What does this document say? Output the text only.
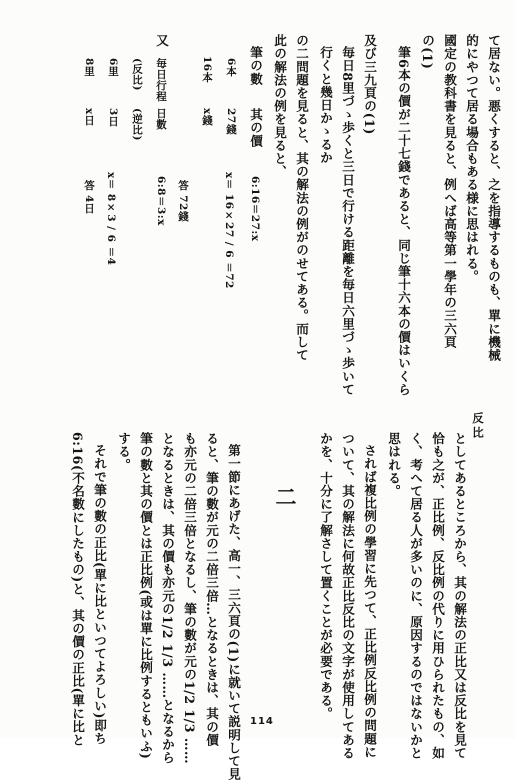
て居ない。悪くすると、之を指導するものも、單に機械
的にやつて居る場合もある様に思はれる。
國定の教科書を見ると、例へば高等第一學年の三六頁
の(1)
筆6本の價が二十七錢であると、同じ筆十六本の價はいくら
及び三九頁の(1)
毎日8里づゝ歩くと三日で行ける距離を毎日六里づゝ歩いて
行くと幾日かゝるか
の二問題を見ると、其の解法の例がのせてある。而して
此の解法の例を見ると、
筆の數
其の價
6:16＝27:x
6本
27錢
x＝ 16×27 / 6 ＝72
16本
x錢
答 72錢
又
毎日行程
日數
6:8＝3:x
(反比)
(逆比)
6里
3日
x＝ 8×3 / 6 ＝4
8里
x日
答 4日
反比
としてあるところから、其の解法の正比又は反比を見て
恰も之が、正比例、反比例の代りに用ひられたもの、如
く、考へて居る人が多いのに、原因するのではないかと
思はれる。
されば複比例の學習に先つて、正比例反比例の問題に
ついて、其の解法に何故正比反比の文字が使用してある
かを、十分に了解さして置くことが必要である。
二
第一節にあげた、高一、三六頁の(1)に就いて説明して見
ると、筆の數が元の二倍三倍…となるときは、其の價
も亦元の二倍三倍となるし、筆の數が元の1/2 1/3 ……
となるときは、其の價も亦元の1/2 1/3 ……となるから
筆の數と其の價とは正比例(或は單に比例するともいふ)
する。
それで筆の數の正比(單に比といつてよろしい)即ち
6:16(不名數にしたもの)と、其の價の正比(單に比と	114
